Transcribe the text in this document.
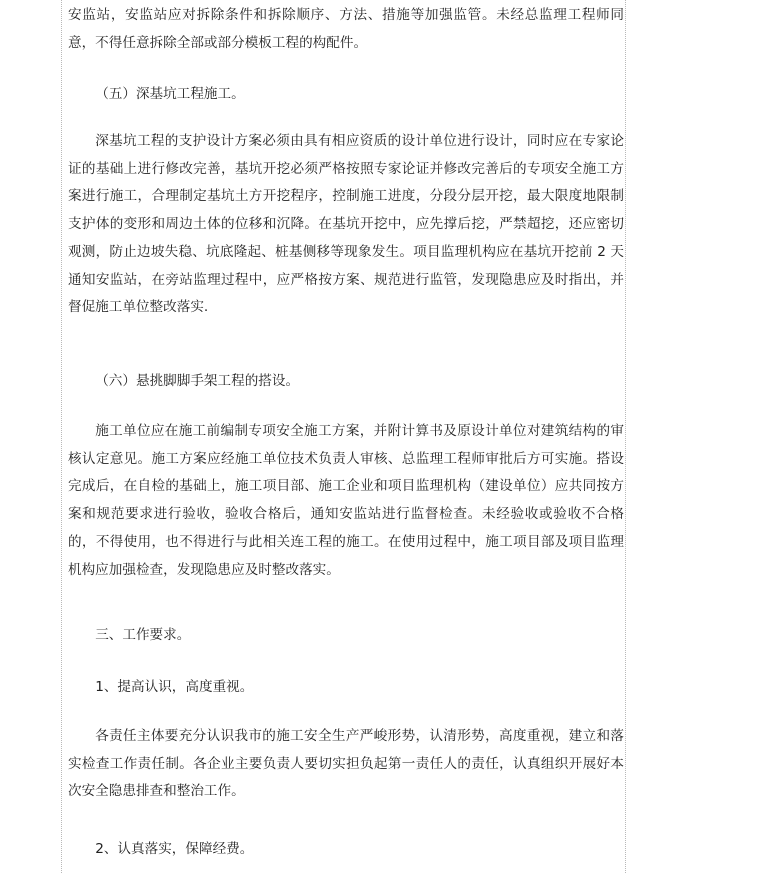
安监站，安监站应对拆除条件和拆除顺序、方法、措施等加强监管。未经总监理工程师同意，不得任意拆除全部或部分模板工程的构配件。

（五）深基坑工程施工。

深基坑工程的支护设计方案必须由具有相应资质的设计单位进行设计，同时应在专家论证的基础上进行修改完善，基坑开挖必须严格按照专家论证并修改完善后的专项安全施工方案进行施工，合理制定基坑土方开挖程序，控制施工进度，分段分层开挖，最大限度地限制支护体的变形和周边土体的位移和沉降。在基坑开挖中，应先撑后挖，严禁超挖，还应密切观测，防止边坡失稳、坑底隆起、桩基侧移等现象发生。项目监理机构应在基坑开挖前 2 天通知安监站，在旁站监理过程中，应严格按方案、规范进行监管，发现隐患应及时指出，并督促施工单位整改落实.

（六）悬挑脚脚手架工程的搭设。

施工单位应在施工前编制专项安全施工方案，并附计算书及原设计单位对建筑结构的审核认定意见。施工方案应经施工单位技术负责人审核、总监理工程师审批后方可实施。搭设完成后，在自检的基础上，施工项目部、施工企业和项目监理机构（建设单位）应共同按方案和规范要求进行验收，验收合格后，通知安监站进行监督检查。未经验收或验收不合格的，不得使用，也不得进行与此相关连工程的施工。在使用过程中，施工项目部及项目监理机构应加强检查，发现隐患应及时整改落实。

三、工作要求。

1、提高认识，高度重视。

各责任主体要充分认识我市的施工安全生产严峻形势，认清形势，高度重视，建立和落实检查工作责任制。各企业主要负责人要切实担负起第一责任人的责任，认真组织开展好本次安全隐患排查和整治工作。

2、认真落实，保障经费。
